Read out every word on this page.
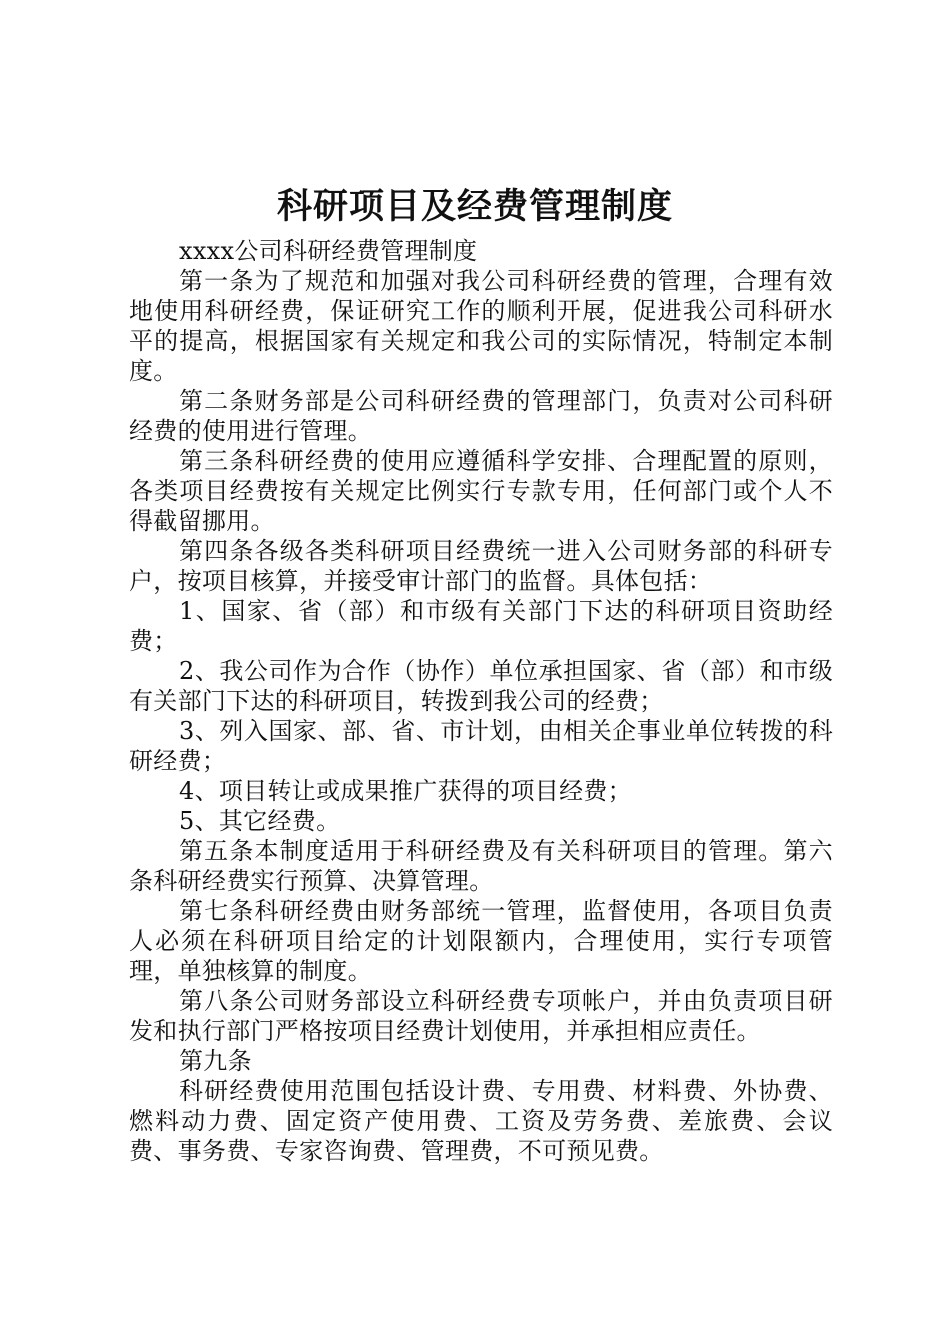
科研项目及经费管理制度

xxxx公司科研经费管理制度

第一条为了规范和加强对我公司科研经费的管理，合理有效地使用科研经费，保证研究工作的顺利开展，促进我公司科研水平的提高，根据国家有关规定和我公司的实际情况，特制定本制度。

第二条财务部是公司科研经费的管理部门，负责对公司科研经费的使用进行管理。

第三条科研经费的使用应遵循科学安排、合理配置的原则，各类项目经费按有关规定比例实行专款专用，任何部门或个人不得截留挪用。

第四条各级各类科研项目经费统一进入公司财务部的科研专户，按项目核算，并接受审计部门的监督。具体包括：

1、国家、省（部）和市级有关部门下达的科研项目资助经费；

2、我公司作为合作（协作）单位承担国家、省（部）和市级有关部门下达的科研项目，转拨到我公司的经费；

3、列入国家、部、省、市计划，由相关企事业单位转拨的科研经费；

4、项目转让或成果推广获得的项目经费；

5、其它经费。

第五条本制度适用于科研经费及有关科研项目的管理。第六条科研经费实行预算、决算管理。

第七条科研经费由财务部统一管理，监督使用，各项目负责人必须在科研项目给定的计划限额内，合理使用，实行专项管理，单独核算的制度。

第八条公司财务部设立科研经费专项帐户，并由负责项目研发和执行部门严格按项目经费计划使用，并承担相应责任。

第九条

科研经费使用范围包括设计费、专用费、材料费、外协费、燃料动力费、固定资产使用费、工资及劳务费、差旅费、会议费、事务费、专家咨询费、管理费，不可预见费。
